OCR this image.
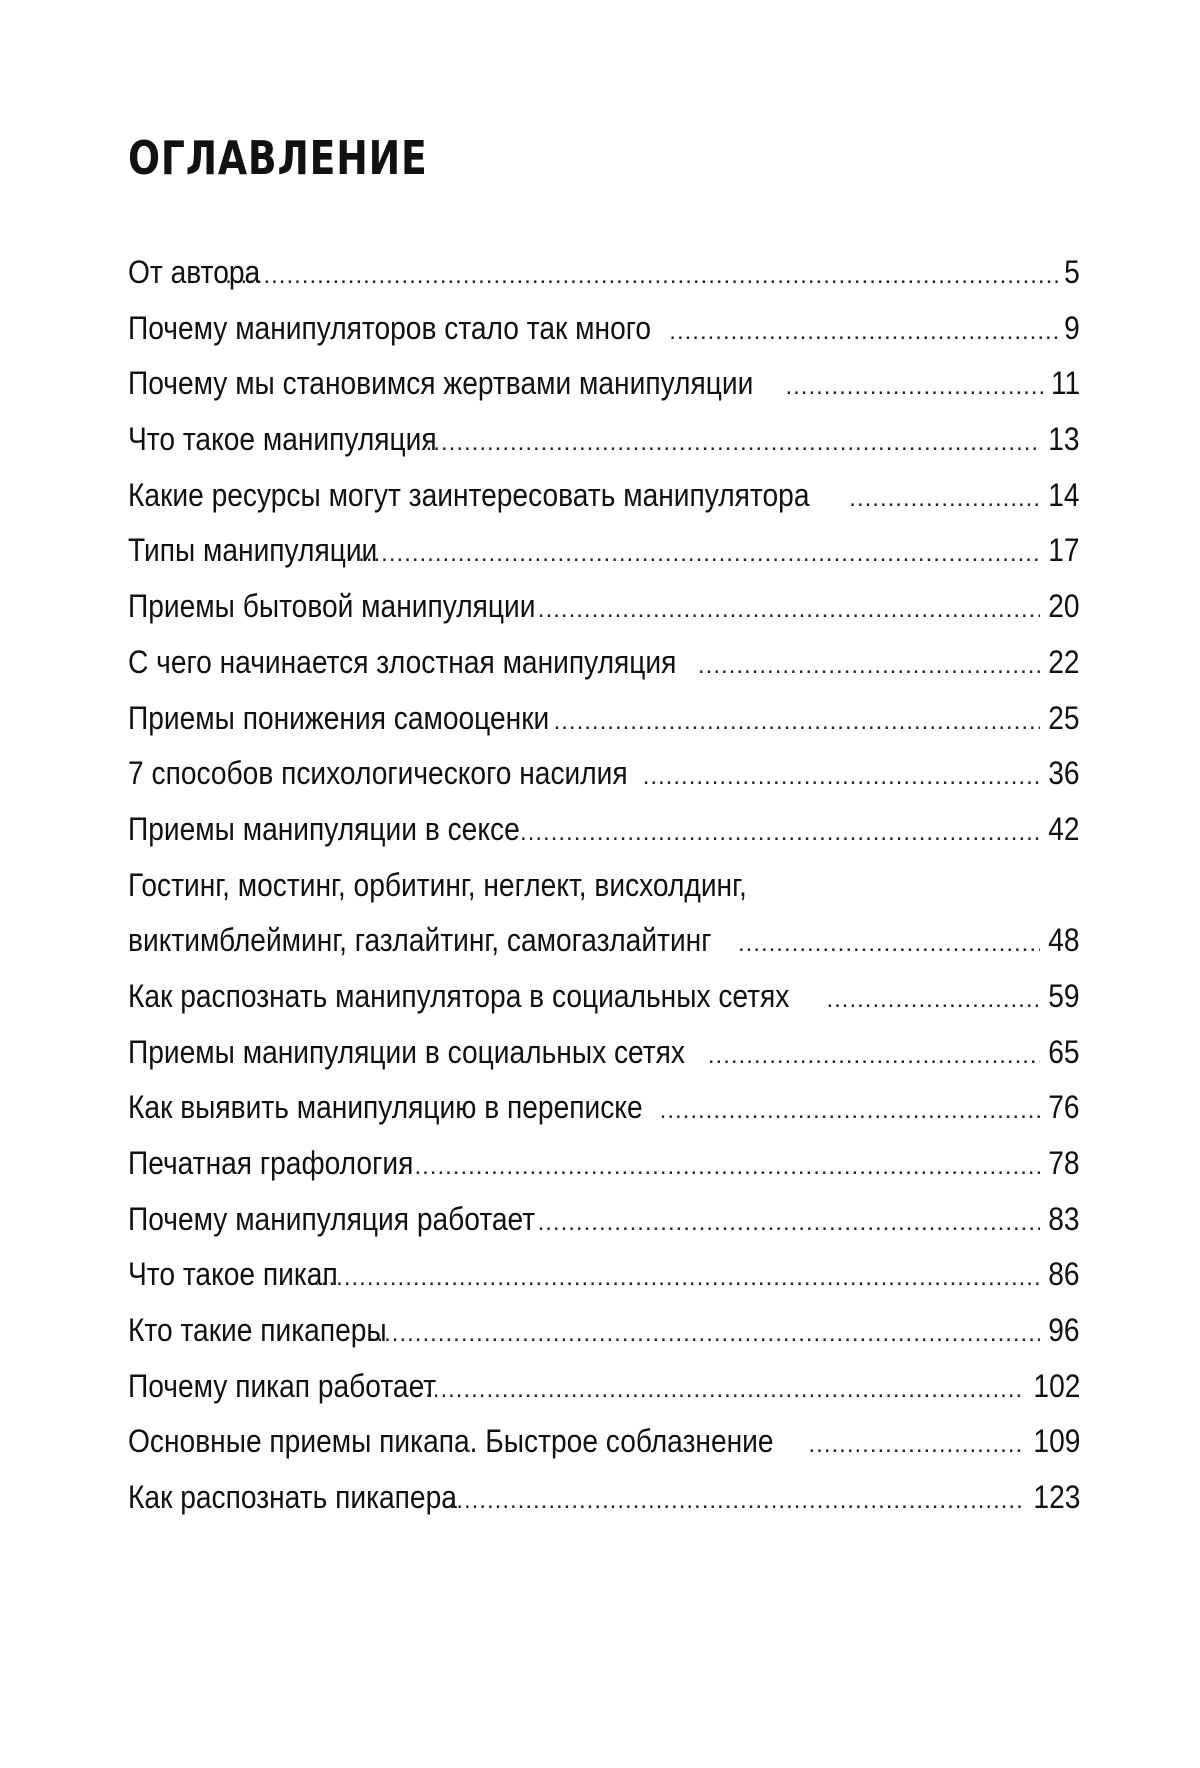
ОГЛАВЛЕНИЕ
От автора .....	5
Почему манипуляторов стало так много .....	9
Почему мы становимся жертвами манипуляции .....	11
Что такое манипуляция .....	13
Какие ресурсы могут заинтересовать манипулятора .....	14
Типы манипуляции .....	17
Приемы бытовой манипуляции .....	20
С чего начинается злостная манипуляция .....	22
Приемы понижения самооценки .....	25
7 способов психологического насилия .....	36
Приемы манипуляции в сексе .....	42
Гостинг, мостинг, орбитинг, неглект, висхолдинг,
виктимблейминг, газлайтинг, самогазлайтинг .....	48
Как распознать манипулятора в социальных сетях .....	59
Приемы манипуляции в социальных сетях .....	65
Как выявить манипуляцию в переписке .....	76
Печатная графология .....	78
Почему манипуляция работает .....	83
Что такое пикап .....	86
Кто такие пикаперы .....	96
Почему пикап работает .....	102
Основные приемы пикапа. Быстрое соблазнение .....	109
Как распознать пикапера .....	123
